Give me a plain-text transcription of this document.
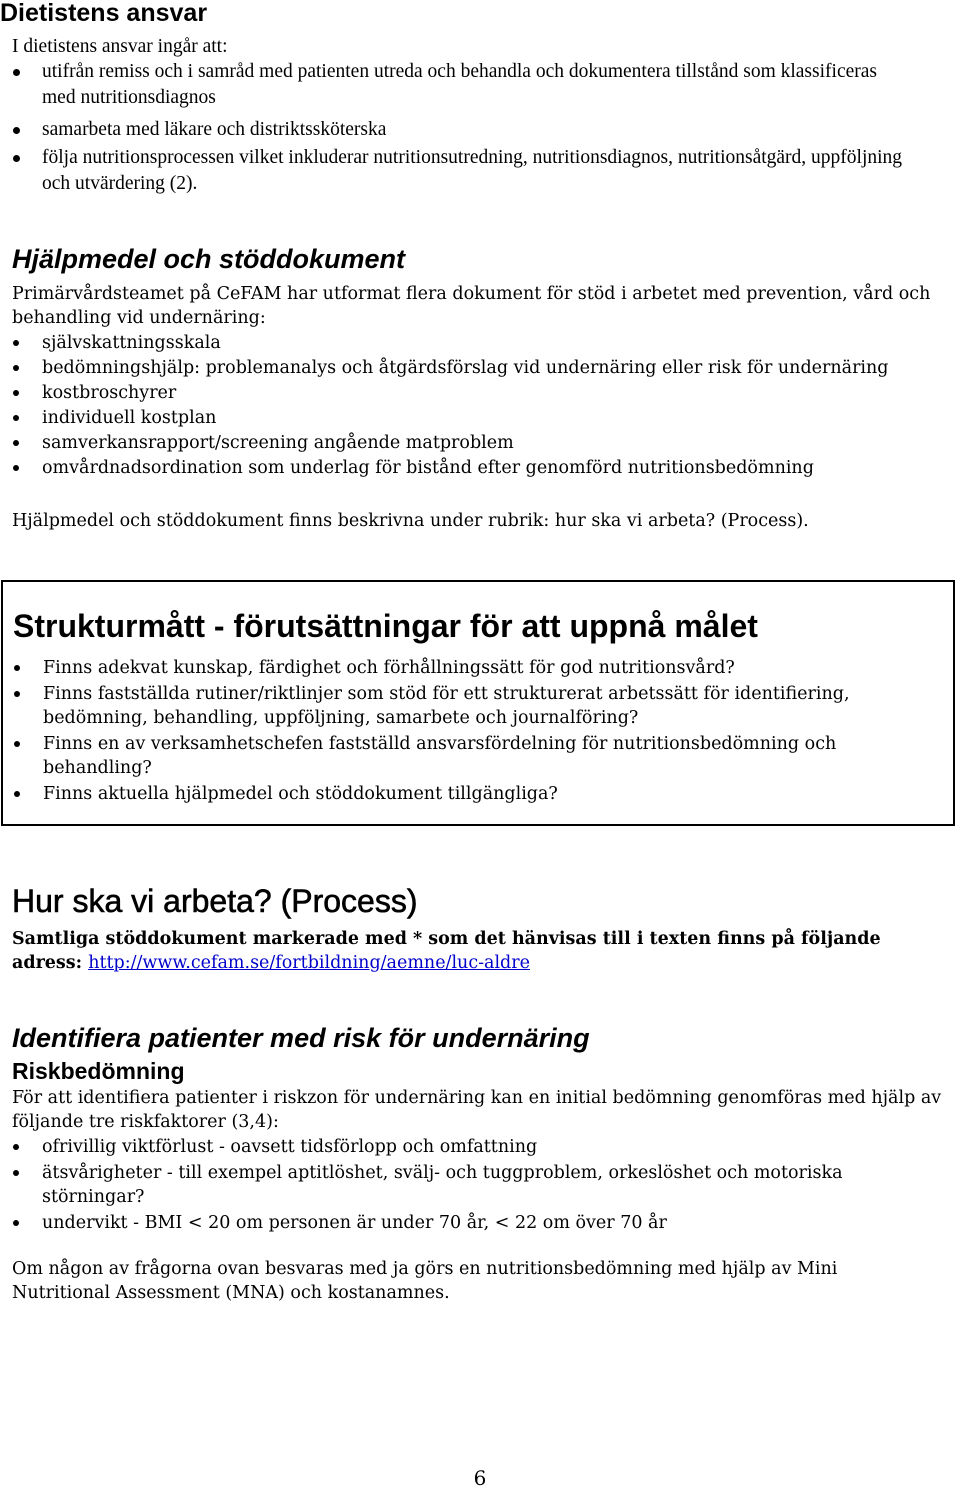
Dietistens ansvar
I dietistens ansvar ingår att:
utifrån remiss och i samråd med patienten utreda och behandla och dokumentera tillstånd som klassificeras med nutritionsdiagnos
samarbeta med läkare och distriktssköterska
följa nutritionsprocessen vilket inkluderar nutritionsutredning, nutritionsdiagnos, nutritionsåtgärd, uppföljning och utvärdering (2).
Hjälpmedel och stöddokument
Primärvårdsteamet på CeFAM har utformat flera dokument för stöd i arbetet med prevention, vård och behandling vid undernäring:
självskattningsskala
bedömningshjälp: problemanalys och åtgärdsförslag vid undernäring eller risk för undernäring
kostbroschyrer
individuell kostplan
samverkansrapport/screening angående matproblem
omvårdnadsordination som underlag för bistånd efter genomförd nutritionsbedömning
Hjälpmedel och stöddokument finns beskrivna under rubrik: hur ska vi arbeta? (Process).
Strukturmått - förutsättningar för att uppnå målet
Finns adekvat kunskap, färdighet och förhållningssätt för god nutritionsvård?
Finns fastställda rutiner/riktlinjer som stöd för ett strukturerat arbetssätt för identifiering, bedömning, behandling, uppföljning, samarbete och journalföring?
Finns en av verksamhetschefen fastställd ansvarsfördelning för nutritionsbedömning och behandling?
Finns aktuella hjälpmedel och stöddokument tillgängliga?
Hur ska vi arbeta? (Process)
Samtliga stöddokument markerade med * som det hänvisas till i texten finns på följande adress: http://www.cefam.se/fortbildning/aemne/luc-aldre
Identifiera patienter med risk för undernäring
Riskbedömning
För att identifiera patienter i riskzon för undernäring kan en initial bedömning genomföras med hjälp av följande tre riskfaktorer (3,4):
ofrivillig viktförlust - oavsett tidsförlopp och omfattning
ätsvårigheter - till exempel aptitlöshet, svälj- och tuggproblem, orkeslöshet och motoriska störningar?
undervikt - BMI < 20 om personen är under 70 år, < 22 om över 70 år
Om någon av frågorna ovan besvaras med ja görs en nutritionsbedömning med hjälp av Mini Nutritional Assessment (MNA) och kostanamnes.
6
